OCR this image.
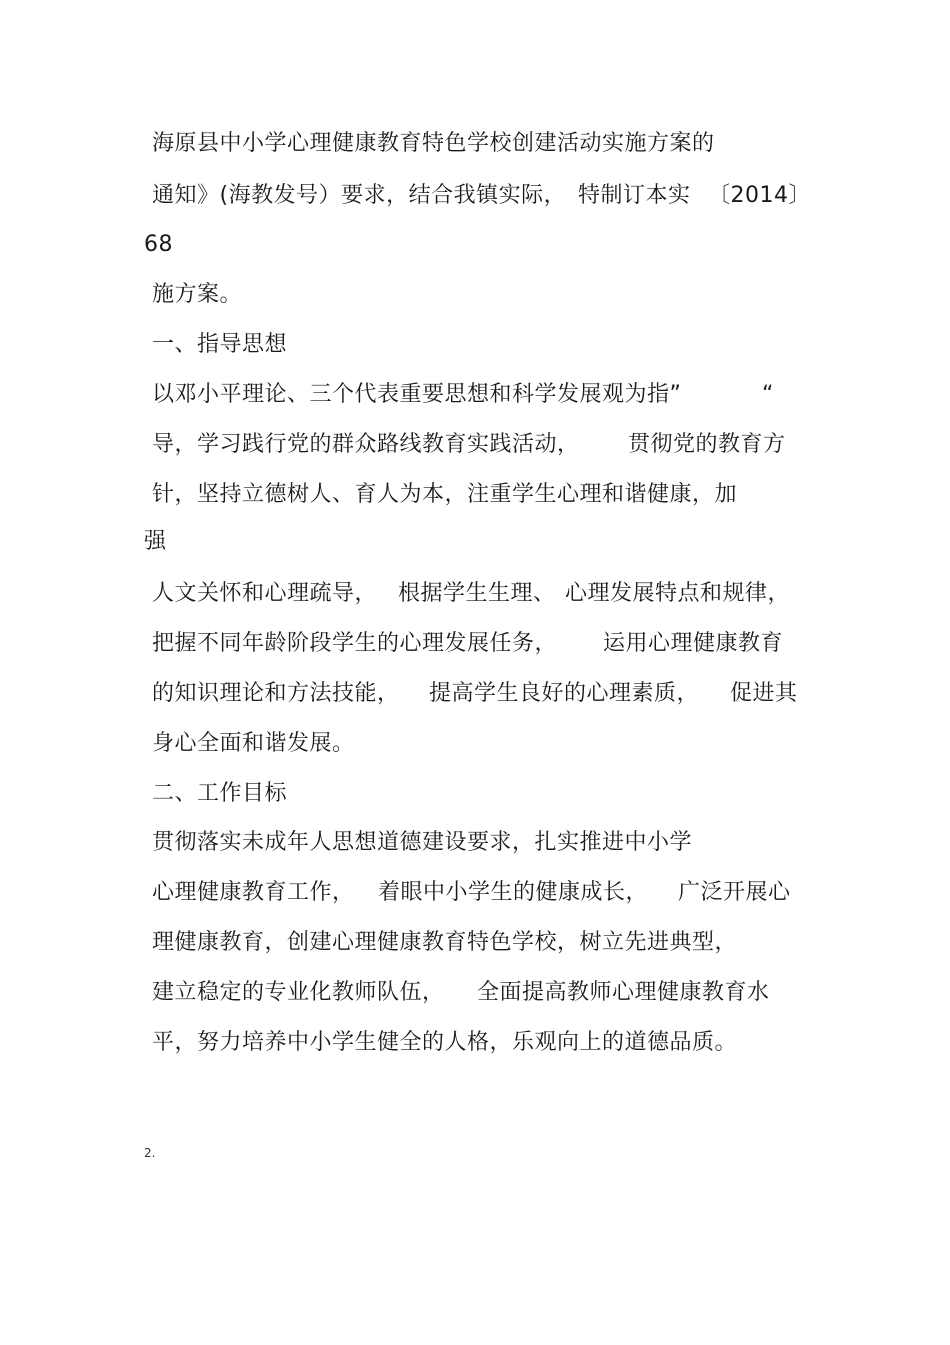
海原县中小学心理健康教育特色学校创建活动实施方案的
通知》(海教发号）要求，结合我镇实际， 特制订本实 〔2014〕
68
施方案。
一、指导思想
以邓小平理论、三个代表重要思想和科学发展观为指”	“
导，学习践行党的群众路线教育实践活动， 贯彻党的教育方
针，坚持立德树人、育人为本，注重学生心理和谐健康，加
强
人文关怀和心理疏导， 根据学生生理、 心理发展特点和规律，
把握不同年龄阶段学生的心理发展任务， 运用心理健康教育
的知识理论和方法技能， 提高学生良好的心理素质， 促进其
身心全面和谐发展。
二、工作目标
贯彻落实未成年人思想道德建设要求，扎实推进中小学
心理健康教育工作， 着眼中小学生的健康成长， 广泛开展心
理健康教育，创建心理健康教育特色学校，树立先进典型，
建立稳定的专业化教师队伍， 全面提高教师心理健康教育水
平，努力培养中小学生健全的人格，乐观向上的道德品质。
2.
